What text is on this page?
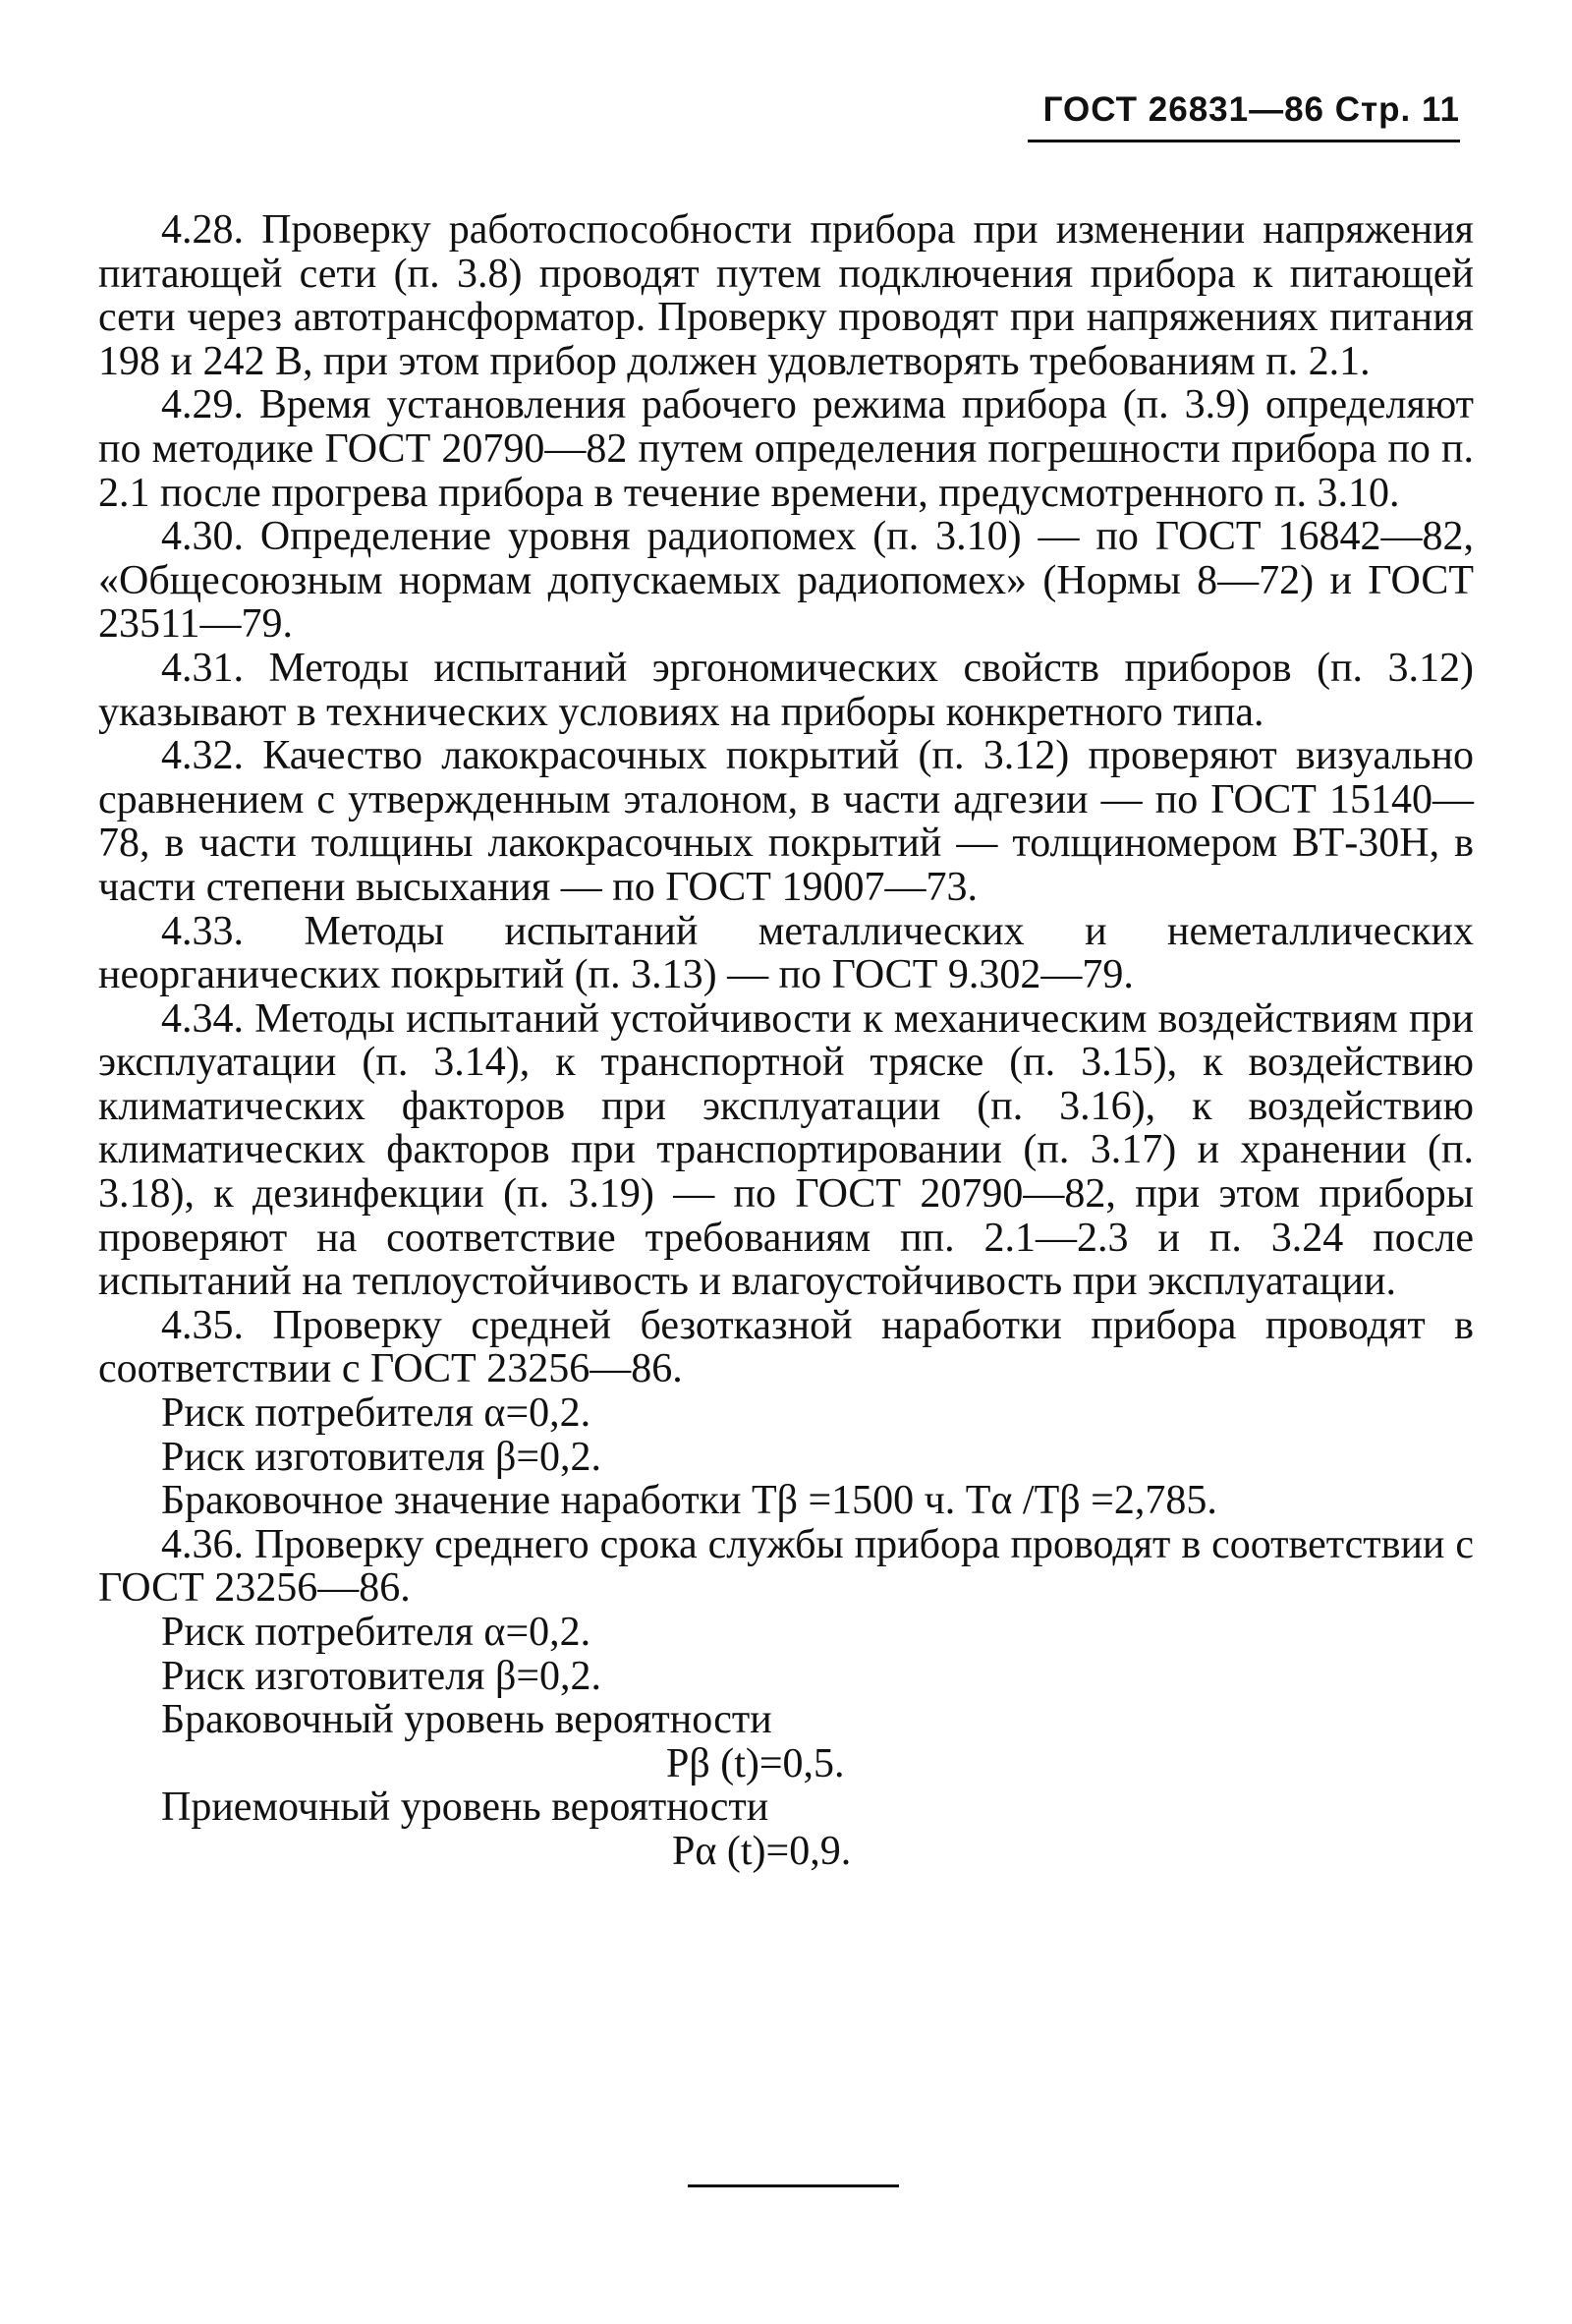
ГОСТ 26831—86 Стр. 11

4.28. Проверку работоспособности прибора при изменении напряжения питающей сети (п. 3.8) проводят путем подключения прибора к питающей сети через автотрансформатор. Проверку проводят при напряжениях питания 198 и 242 В, при этом прибор должен удовлетворять требованиям п. 2.1.

4.29. Время установления рабочего режима прибора (п. 3.9) определяют по методике ГОСТ 20790—82 путем определения погрешности прибора по п. 2.1 после прогрева прибора в течение времени, предусмотренного п. 3.10.

4.30. Определение уровня радиопомех (п. 3.10) — по ГОСТ 16842—82, «Общесоюзным нормам допускаемых радиопомех» (Нормы 8—72) и ГОСТ 23511—79.

4.31. Методы испытаний эргономических свойств приборов (п. 3.12) указывают в технических условиях на приборы конкретного типа.

4.32. Качество лакокрасочных покрытий (п. 3.12) проверяют визуально сравнением с утвержденным эталоном, в части адгезии — по ГОСТ 15140—78, в части толщины лакокрасочных покрытий — толщиномером ВТ-30Н, в части степени высыхания — по ГОСТ 19007—73.

4.33. Методы испытаний металлических и неметаллических неорганических покрытий (п. 3.13) — по ГОСТ 9.302—79.

4.34. Методы испытаний устойчивости к механическим воздействиям при эксплуатации (п. 3.14), к транспортной тряске (п. 3.15), к воздействию климатических факторов при эксплуатации (п. 3.16), к воздействию климатических факторов при транспортировании (п. 3.17) и хранении (п. 3.18), к дезинфекции (п. 3.19) — по ГОСТ 20790—82, при этом приборы проверяют на соответствие требованиям пп. 2.1—2.3 и п. 3.24 после испытаний на теплоустойчивость и влагоустойчивость при эксплуатации.

4.35. Проверку средней безотказной наработки прибора проводят в соответствии с ГОСТ 23256—86.

Риск потребителя α=0,2.

Риск изготовителя β=0,2.

Браковочное значение наработки Tβ =1500 ч. Tα /Tβ =2,785.

4.36. Проверку среднего срока службы прибора проводят в соответствии с ГОСТ 23256—86.

Риск потребителя α=0,2.

Риск изготовителя β=0,2.

Браковочный уровень вероятности

Pβ (t)=0,5.

Приемочный уровень вероятности

Pα (t)=0,9.
